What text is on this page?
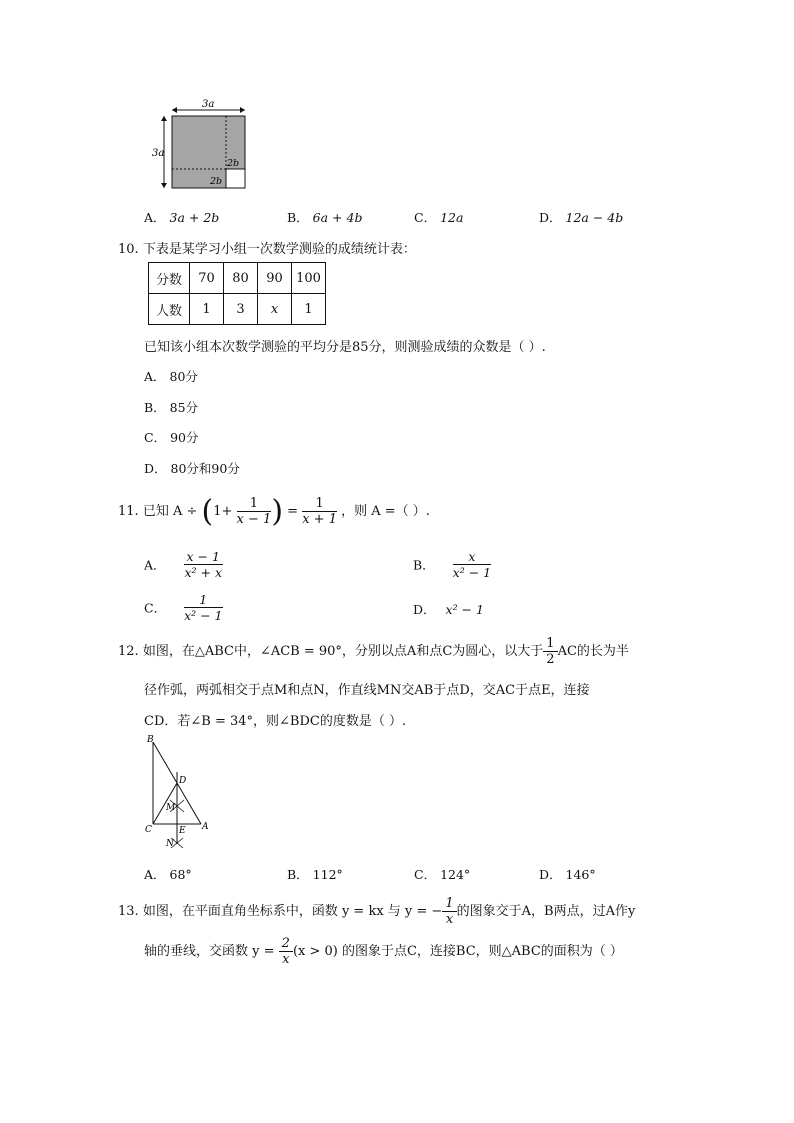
3a
3a
2b
2b
A． 3a + 2b	B． 6a + 4b	C． 12a	D． 12a − 4b
10. 下表是某学习小组一次数学测验的成绩统计表：
分数	70	80	90	100
人数	1	3	x	1
已知该小组本次数学测验的平均分是85分，则测验成绩的众数是（ ）.
A． 80分
B． 85分
C． 90分
D． 80分和90分
11. 已知 $A \div (1+ \frac{1}{x - 1}$ ) = $\frac{1}{x + 1}$ ，则 A =（ ）.
A． $\frac{x - 1}{\text{x² + x}}$	B． $\frac{x}{\text{x² − 1}}$
C． $\frac{1}{\text{x² − 1}}$	D． x² − 1
12. 如图，在△ABC中，∠ACB = 90°，分别以点A和点C为圆心，以大于 $\frac{1}{2}$ AC的长为半
径作弧，两弧相交于点M和点N，作直线MN交AB于点D，交AC于点E，连接
CD．若∠B = 34°，则∠BDC的度数是（ ）.
B
C	A
D
M
E
N
A． 68°	B． 112°	C． 124°	D． 146°
13. 如图，在平面直角坐标系中，函数 y = kx 与 y = − $\frac{1}{x}$ 的图象交于A，B两点，过A作y
轴的垂线，交函数 $y = \frac{2}{x} (x > 0)$ 的图象于点C，连接BC，则△ABC的面积为（ ）
